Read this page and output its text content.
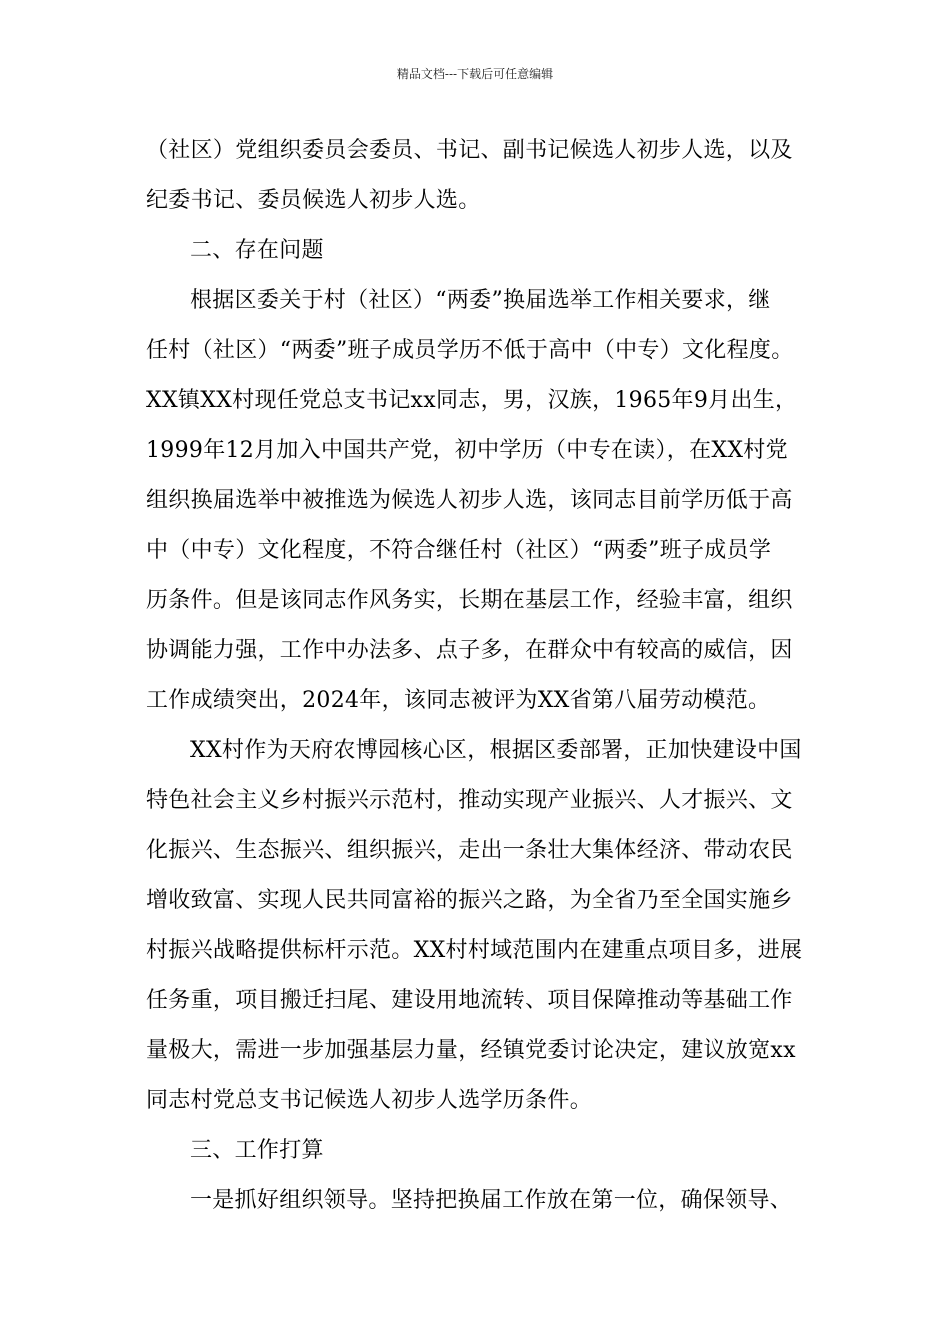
精品文档---下载后可任意编辑
（社区）党组织委员会委员、书记、副书记候选人初步人选，以及
纪委书记、委员候选人初步人选。
二、存在问题
根据区委关于村（社区）“两委”换届选举工作相关要求，继
任村（社区）“两委”班子成员学历不低于高中（中专）文化程度。
XX镇XX村现任党总支书记xx同志，男，汉族，1965年9月出生，
1999年12月加入中国共产党，初中学历（中专在读），在XX村党
组织换届选举中被推选为候选人初步人选，该同志目前学历低于高
中（中专）文化程度，不符合继任村（社区）“两委”班子成员学
历条件。但是该同志作风务实，长期在基层工作，经验丰富，组织
协调能力强，工作中办法多、点子多，在群众中有较高的威信，因
工作成绩突出，2024年，该同志被评为XX省第八届劳动模范。
XX村作为天府农博园核心区，根据区委部署，正加快建设中国
特色社会主义乡村振兴示范村，推动实现产业振兴、人才振兴、文
化振兴、生态振兴、组织振兴，走出一条壮大集体经济、带动农民
增收致富、实现人民共同富裕的振兴之路，为全省乃至全国实施乡
村振兴战略提供标杆示范。XX村村域范围内在建重点项目多，进展
任务重，项目搬迁扫尾、建设用地流转、项目保障推动等基础工作
量极大，需进一步加强基层力量，经镇党委讨论决定，建议放宽xx
同志村党总支书记候选人初步人选学历条件。
三、工作打算
一是抓好组织领导。坚持把换届工作放在第一位，确保领导、
